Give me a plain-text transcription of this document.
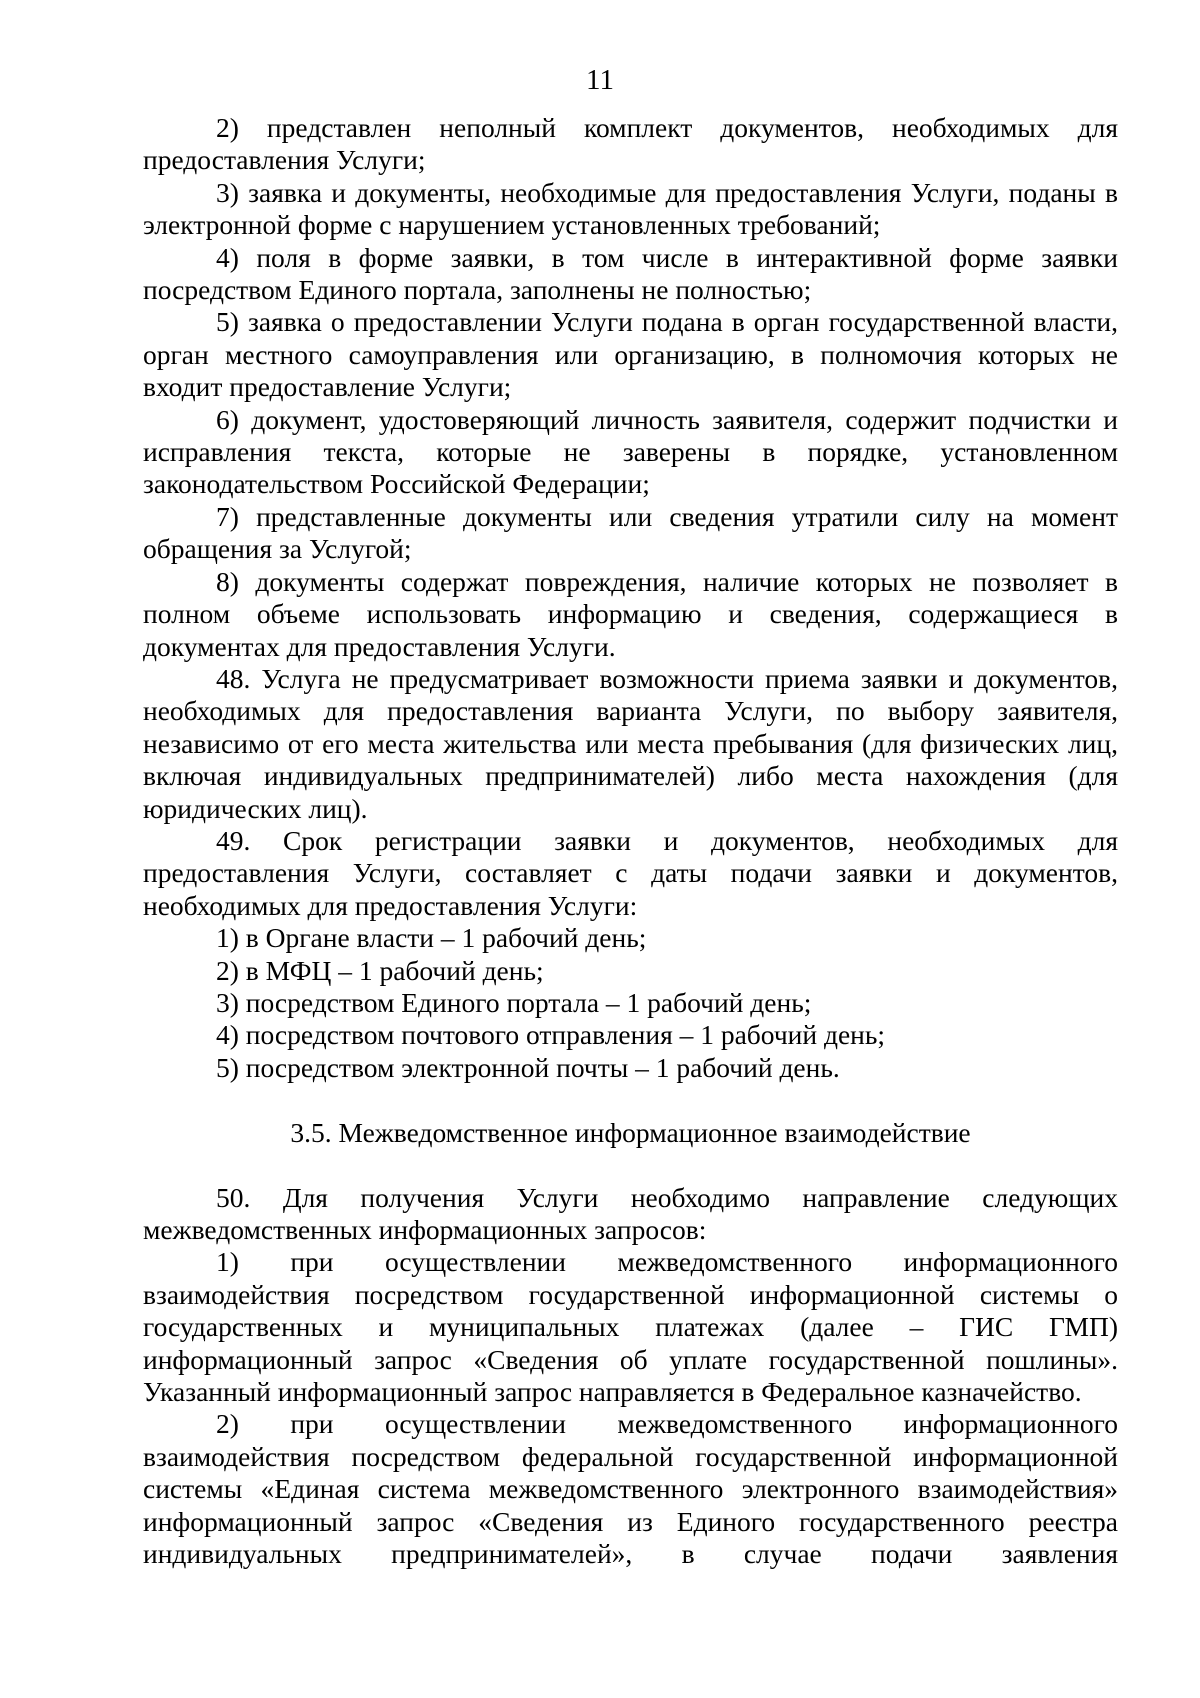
11

2) представлен неполный комплект документов, необходимых для предоставления Услуги;

3) заявка и документы, необходимые для предоставления Услуги, поданы в электронной форме с нарушением установленных требований;

4) поля в форме заявки, в том числе в интерактивной форме заявки посредством Единого портала, заполнены не полностью;

5) заявка о предоставлении Услуги подана в орган государственной власти, орган местного самоуправления или организацию, в полномочия которых не входит предоставление Услуги;

6) документ, удостоверяющий личность заявителя, содержит подчистки и исправления текста, которые не заверены в порядке, установленном законодательством Российской Федерации;

7) представленные документы или сведения утратили силу на момент обращения за Услугой;

8) документы содержат повреждения, наличие которых не позволяет в полном объеме использовать информацию и сведения, содержащиеся в документах для предоставления Услуги.

48. Услуга не предусматривает возможности приема заявки и документов, необходимых для предоставления варианта Услуги, по выбору заявителя, независимо от его места жительства или места пребывания (для физических лиц, включая индивидуальных предпринимателей) либо места нахождения (для юридических лиц).

49. Срок регистрации заявки и документов, необходимых для предоставления Услуги, составляет с даты подачи заявки и документов, необходимых для предоставления Услуги:

1) в Органе власти – 1 рабочий день;

2) в МФЦ – 1 рабочий день;

3) посредством Единого портала – 1 рабочий день;

4) посредством почтового отправления – 1 рабочий день;

5) посредством электронной почты – 1 рабочий день.

3.5. Межведомственное информационное взаимодействие

50. Для получения Услуги необходимо направление следующих межведомственных информационных запросов:

1) при осуществлении межведомственного информационного взаимодействия посредством государственной информационной системы о государственных и муниципальных платежах (далее – ГИС ГМП) информационный запрос «Сведения об уплате государственной пошлины». Указанный информационный запрос направляется в Федеральное казначейство.

2) при осуществлении межведомственного информационного взаимодействия посредством федеральной государственной информационной системы «Единая система межведомственного электронного взаимодействия» информационный запрос «Сведения из Единого государственного реестра индивидуальных предпринимателей», в случае подачи заявления
